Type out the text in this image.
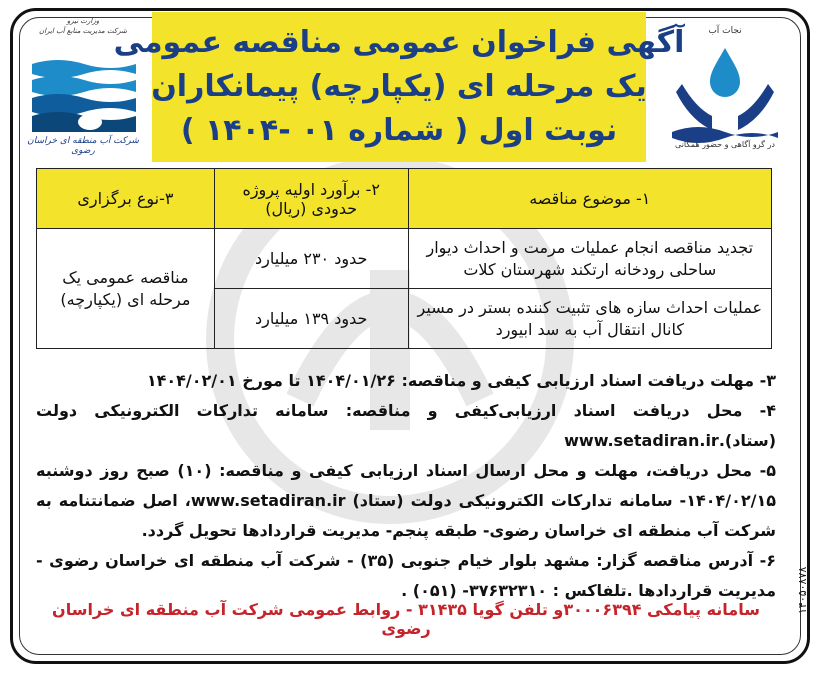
وزارت نیرو
شرکت مدیریت منابع آب ایران
شرکت آب منطقه ای خراسان رضوی
آگهی فراخوان عمومی مناقصه عمومی
یک مرحله ای (یکپارچه) پیمانکاران
نوبت اول ( شماره ۰۱ -۱۴۰۴ )
نجات آب
در گرو آگاهی و حضور همگانی
۱- موضوع مناقصه	۲- برآورد اولیه پروژه حدودی (ریال)	۳-نوع برگزاری
تجدید مناقصه انجام عملیات مرمت و احداث دیوار ساحلی رودخانه ارتکند شهرستان کلات	حدود ۲۳۰ میلیارد	مناقصه عمومی یک مرحله ای (یکپارچه)
عملیات احداث سازه های تثبیت کننده بستر در مسیر کانال انتقال آب به سد ابیورد	حدود ۱۳۹ میلیارد	

۳- مهلت دریافت اسناد ارزیابی کیفی و مناقصه: ۱۴۰۴/۰۱/۲۶ تا مورخ ۱۴۰۴/۰۲/۰۱

۴- محل دریافت اسناد ارزیابی‌کیفی و مناقصه: سامانه تدارکات الکترونیکی دولت (ستاد).www.setadiran.ir

۵- محل دریافت، مهلت و محل ارسال اسناد ارزیابی کیفی و مناقصه: (۱۰) صبح روز دوشنبه ۱۴۰۴/۰۲/۱۵- سامانه تدارکات الکترونیکی دولت (ستاد) www.setadiran.ir، اصل ضمانتنامه به شرکت آب منطقه ای خراسان رضوی- طبقه پنجم- مدیریت قراردادها تحویل گردد.

۶- آدرس مناقصه گزار: مشهد بلوار خیام جنوبی (۳۵) - شرکت آب منطقه ای خراسان رضوی - مدیریت قراردادها .تلفاکس : ۳۷۶۳۲۳۱۰- (۰۵۱) .

سامانه پیامکی ۳۰۰۰۶۳۹۴و تلفن گویا ۳۱۴۳۵ - روابط عمومی شرکت آب منطقه ای خراسان رضوی
۱۴۰۵۰۸۷۸
